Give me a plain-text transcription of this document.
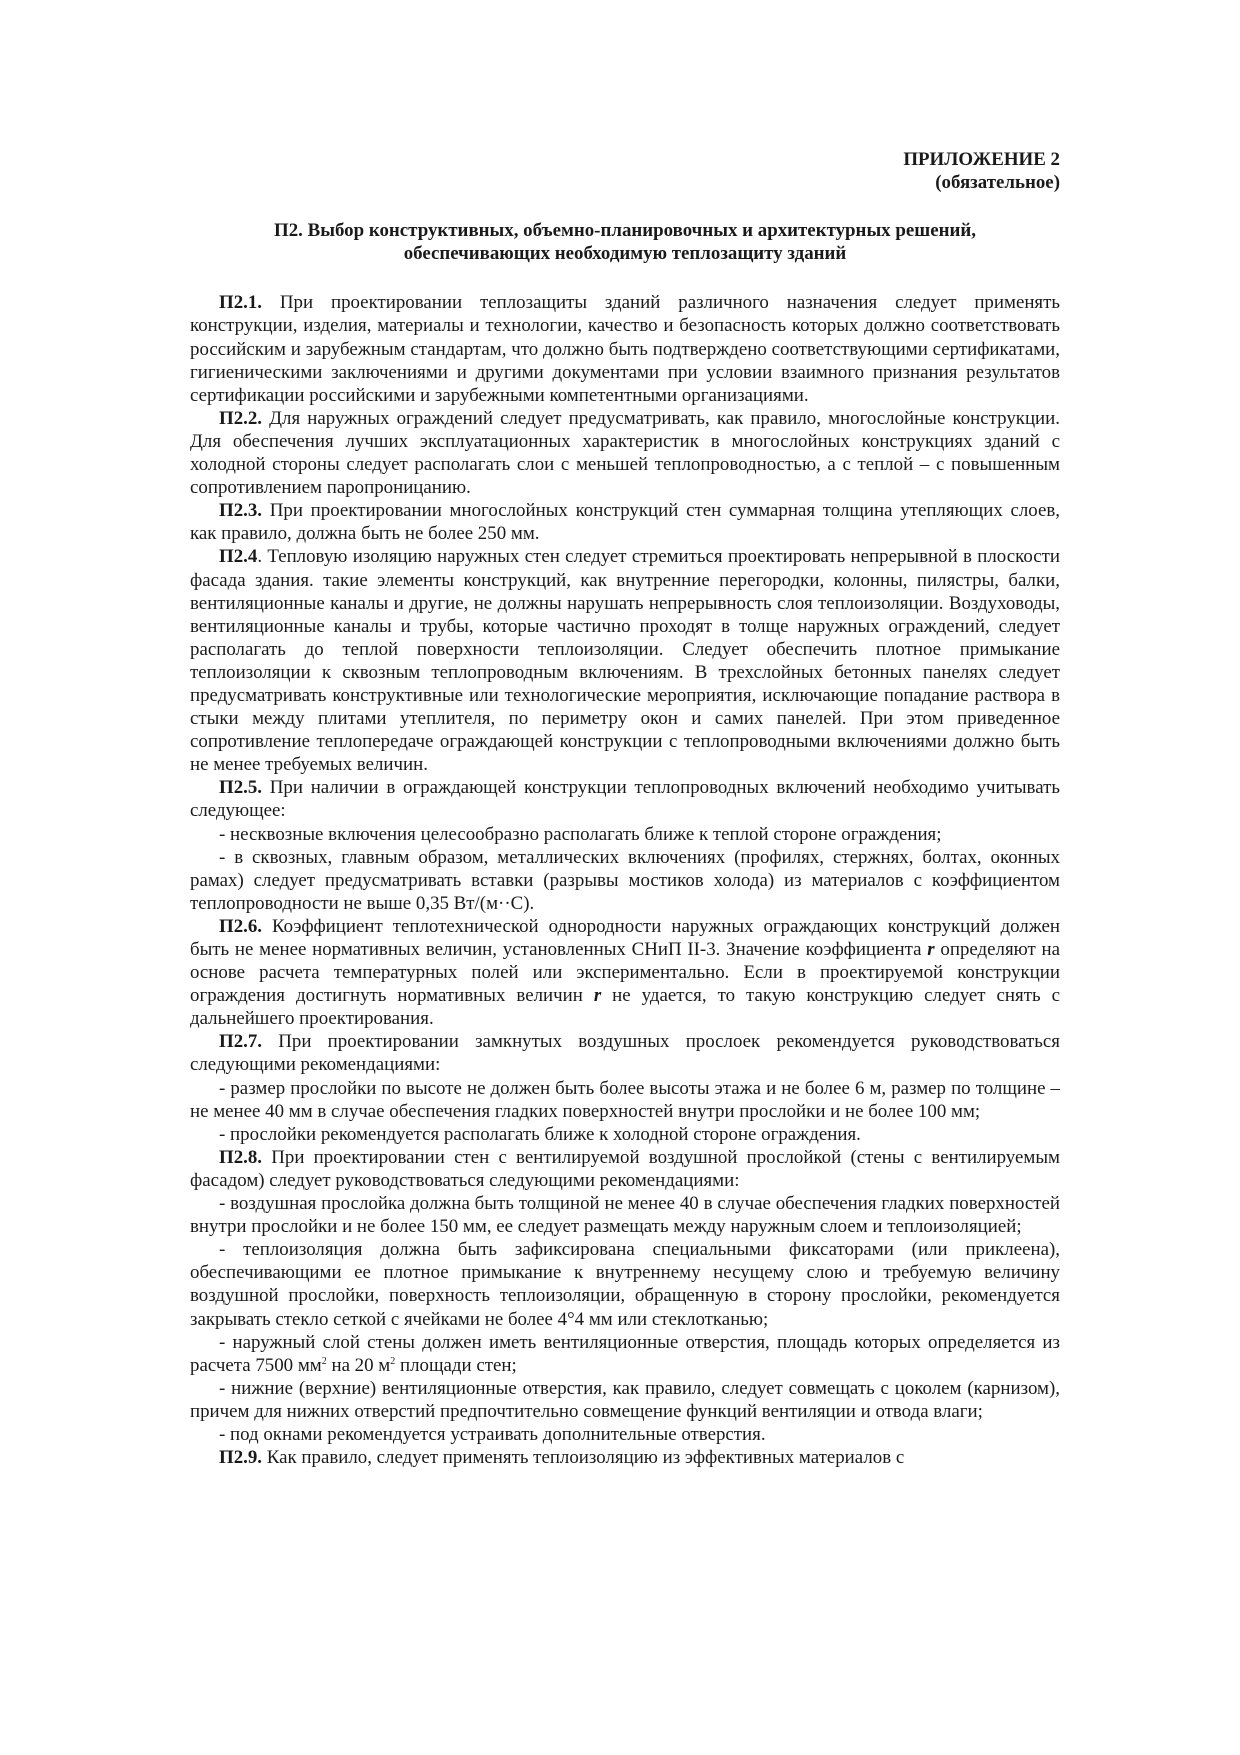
ПРИЛОЖЕНИЕ 2

(обязательное)

П2. Выбор конструктивных, объемно-планировочных и архитектурных решений,
обеспечивающих необходимую теплозащиту зданий

П2.1. При проектировании теплозащиты зданий различного назначения следует применять конструкции, изделия, материалы и технологии, качество и безопасность которых должно соответствовать российским и зарубежным стандартам, что должно быть подтверждено соответствующими сертификатами, гигиеническими заключениями и другими документами при условии взаимного признания результатов сертификации российскими и зарубежными компетентными организациями.

П2.2. Для наружных ограждений следует предусматривать, как правило, многослойные конструкции. Для обеспечения лучших эксплуатационных характеристик в многослойных конструкциях зданий с холодной стороны следует располагать слои с меньшей теплопроводностью, а с теплой – с повышенным сопротивлением паропроницанию.

П2.3. При проектировании многослойных конструкций стен суммарная толщина утепляющих слоев, как правило, должна быть не более 250 мм.

П2.4. Тепловую изоляцию наружных стен следует стремиться проектировать непрерывной в плоскости фасада здания. такие элементы конструкций, как внутренние перегородки, колонны, пилястры, балки, вентиляционные каналы и другие, не должны нарушать непрерывность слоя теплоизоляции. Воздуховоды, вентиляционные каналы и трубы, которые частично проходят в толще наружных ограждений, следует располагать до теплой поверхности теплоизоляции. Следует обеспечить плотное примыкание теплоизоляции к сквозным теплопроводным включениям. В трехслойных бетонных панелях следует предусматривать конструктивные или технологические мероприятия, исключающие попадание раствора в стыки между плитами утеплителя, по периметру окон и самих панелей. При этом приведенное сопротивление теплопередаче ограждающей конструкции с теплопроводными включениями должно быть не менее требуемых величин.

П2.5. При наличии в ограждающей конструкции теплопроводных включений необходимо учитывать следующее:

- несквозные включения целесообразно располагать ближе к теплой стороне ограждения;

- в сквозных, главным образом, металлических включениях (профилях, стержнях, болтах, оконных рамах) следует предусматривать вставки (разрывы мостиков холода) из материалов с коэффициентом теплопроводности не выше 0,35 Вт/(м··С).

П2.6. Коэффициент теплотехнической однородности наружных ограждающих конструкций должен быть не менее нормативных величин, установленных СНиП II-3. Значение коэффициента r определяют на основе расчета температурных полей или экспериментально. Если в проектируемой конструкции ограждения достигнуть нормативных величин r не удается, то такую конструкцию следует снять с дальнейшего проектирования.

П2.7. При проектировании замкнутых воздушных прослоек рекомендуется руководствоваться следующими рекомендациями:

- размер прослойки по высоте не должен быть более высоты этажа и не более 6 м, размер по толщине – не менее 40 мм в случае обеспечения гладких поверхностей внутри прослойки и не более 100 мм;

- прослойки рекомендуется располагать ближе к холодной стороне ограждения.

П2.8. При проектировании стен с вентилируемой воздушной прослойкой (стены с вентилируемым фасадом) следует руководствоваться следующими рекомендациями:

- воздушная прослойка должна быть толщиной не менее 40 в случае обеспечения гладких поверхностей внутри прослойки и не более 150 мм, ее следует размещать между наружным слоем и теплоизоляцией;

- теплоизоляция должна быть зафиксирована специальными фиксаторами (или приклеена), обеспечивающими ее плотное примыкание к внутреннему несущему слою и требуемую величину воздушной прослойки, поверхность теплоизоляции, обращенную в сторону прослойки, рекомендуется закрывать стекло сеткой с ячейками не более 4°4 мм или стеклотканью;

- наружный слой стены должен иметь вентиляционные отверстия, площадь которых определяется из расчета 7500 $мм^2$ на 20 $м^2$ площади стен;

- нижние (верхние) вентиляционные отверстия, как правило, следует совмещать с цоколем (карнизом), причем для нижних отверстий предпочтительно совмещение функций вентиляции и отвода влаги;

- под окнами рекомендуется устраивать дополнительные отверстия.

П2.9. Как правило, следует применять теплоизоляцию из эффективных материалов с
